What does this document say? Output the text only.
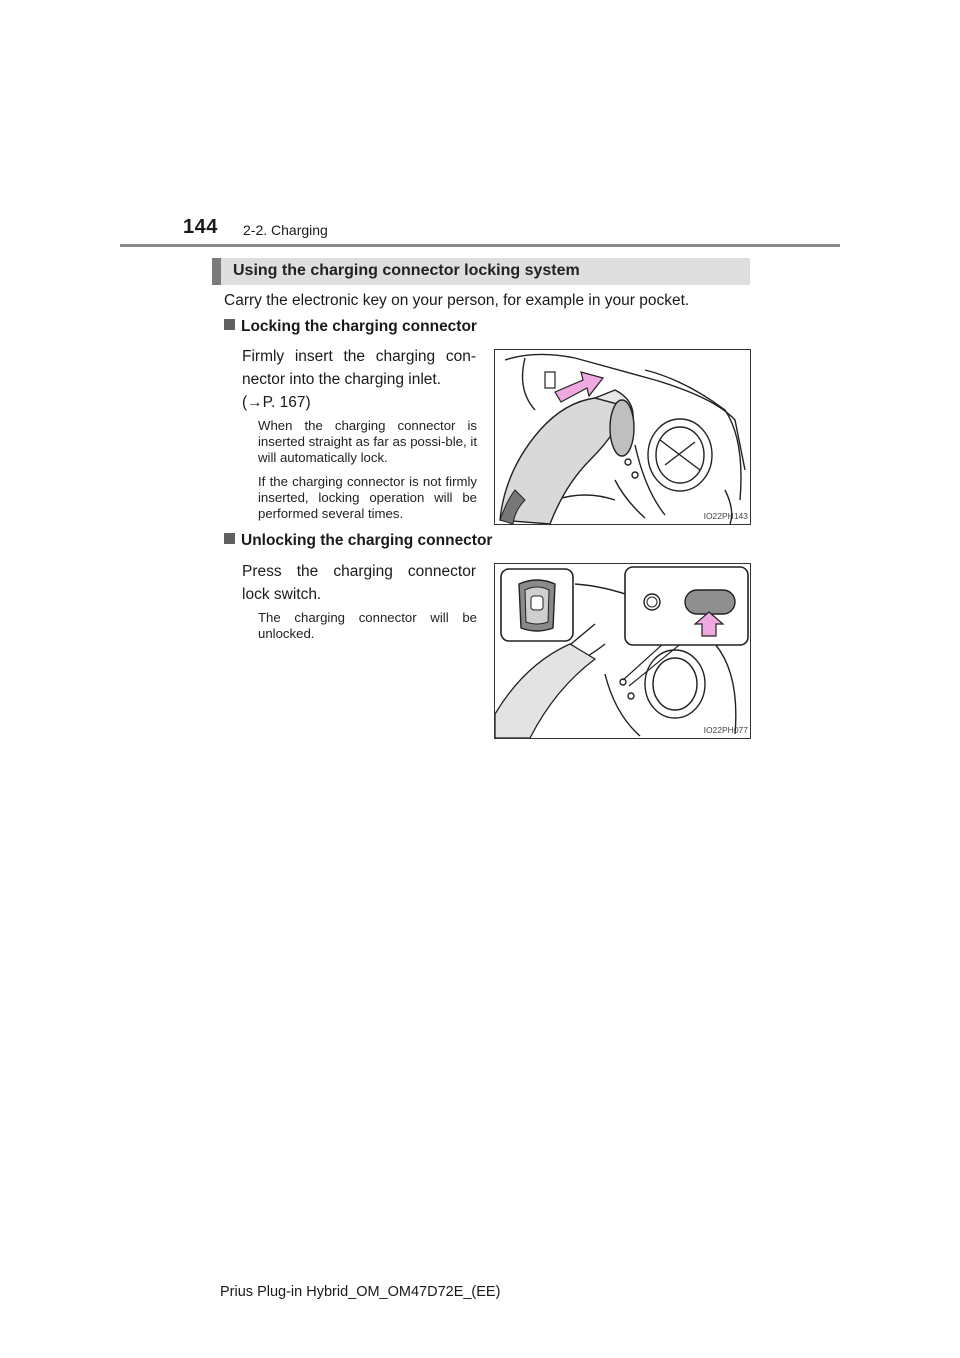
144 2-2. Charging
Using the charging connector locking system
Carry the electronic key on your person, for example in your pocket.
Locking the charging connector
Firmly insert the charging con-
nector into the charging inlet.
(→P. 167)
When the charging connector is inserted straight as far as possi-ble, it will automatically lock.
If the charging connector is not firmly inserted, locking operation will be performed several times.	IO22PH143
Unlocking the charging connector
Press the charging connector
lock switch.
The charging connector will be unlocked.
IO22PH077
Prius Plug-in Hybrid_OM_OM47D72E_(EE)
